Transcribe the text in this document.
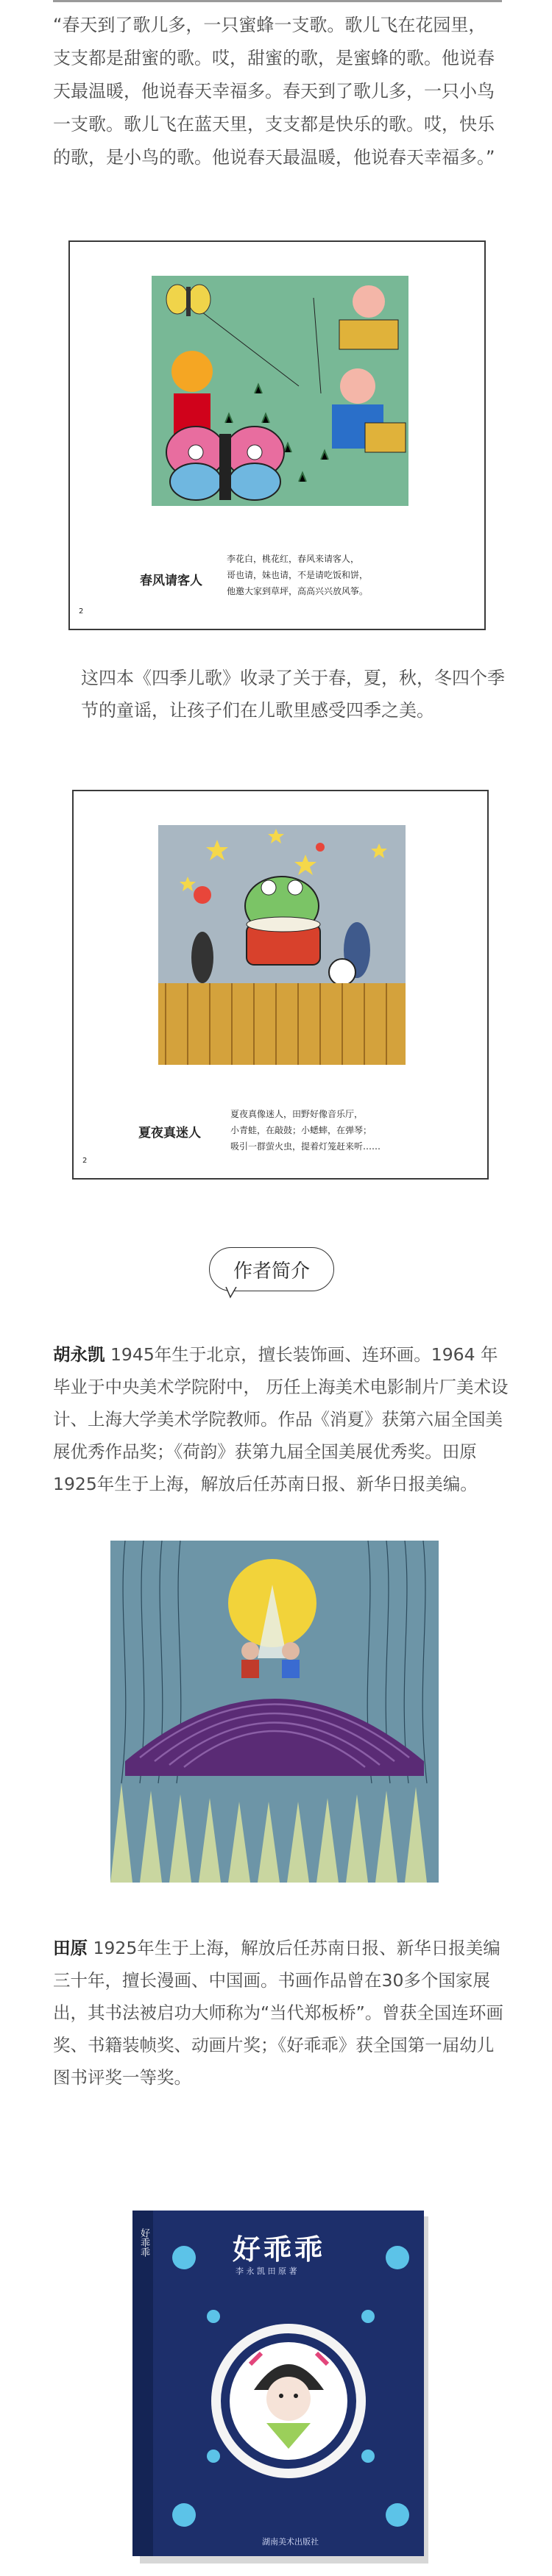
“春天到了歌儿多，一只蜜蜂一支歌。歌儿飞在花园里，支支都是甜蜜的歌。哎，甜蜜的歌，是蜜蜂的歌。他说春天最温暖，他说春天幸福多。春天到了歌儿多，一只小鸟一支歌。歌儿飞在蓝天里，支支都是快乐的歌。哎，快乐的歌，是小鸟的歌。他说春天最温暖，他说春天幸福多。”

春风请客人
李花白，桃花红，春风来请客人，
哥也请，妹也请，不是请吃饭和饼，
他邀大家到草坪，高高兴兴放风筝。
2

这四本《四季儿歌》收录了关于春，夏，秋，冬四个季节的童谣，让孩子们在儿歌里感受四季之美。

夏夜真迷人
夏夜真像迷人，田野好像音乐厅，
小青蛙，在敲鼓；小蟋蟀，在弹琴；
吸引一群萤火虫，提着灯笼赶来听……
2
作者简介

胡永凯 1945年生于北京，擅长装饰画、连环画。1964 年毕业于中央美术学院附中， 历任上海美术电影制片厂美术设计、上海大学美术学院教师。作品《消夏》获第六届全国美展优秀作品奖；《荷韵》获第九届全国美展优秀奖。田原1925年生于上海，解放后任苏南日报、新华日报美编。

田原 1925年生于上海，解放后任苏南日报、新华日报美编三十年，擅长漫画、中国画。书画作品曾在30多个国家展出，其书法被启功大师称为“当代郑板桥”。曾获全国连环画奖、书籍装帧奖、动画片奖；《好乖乖》获全国第一届幼儿图书评奖一等奖。

好乖乖
李 永 凯 田 原 著
好乖乖
湖南美术出版社
